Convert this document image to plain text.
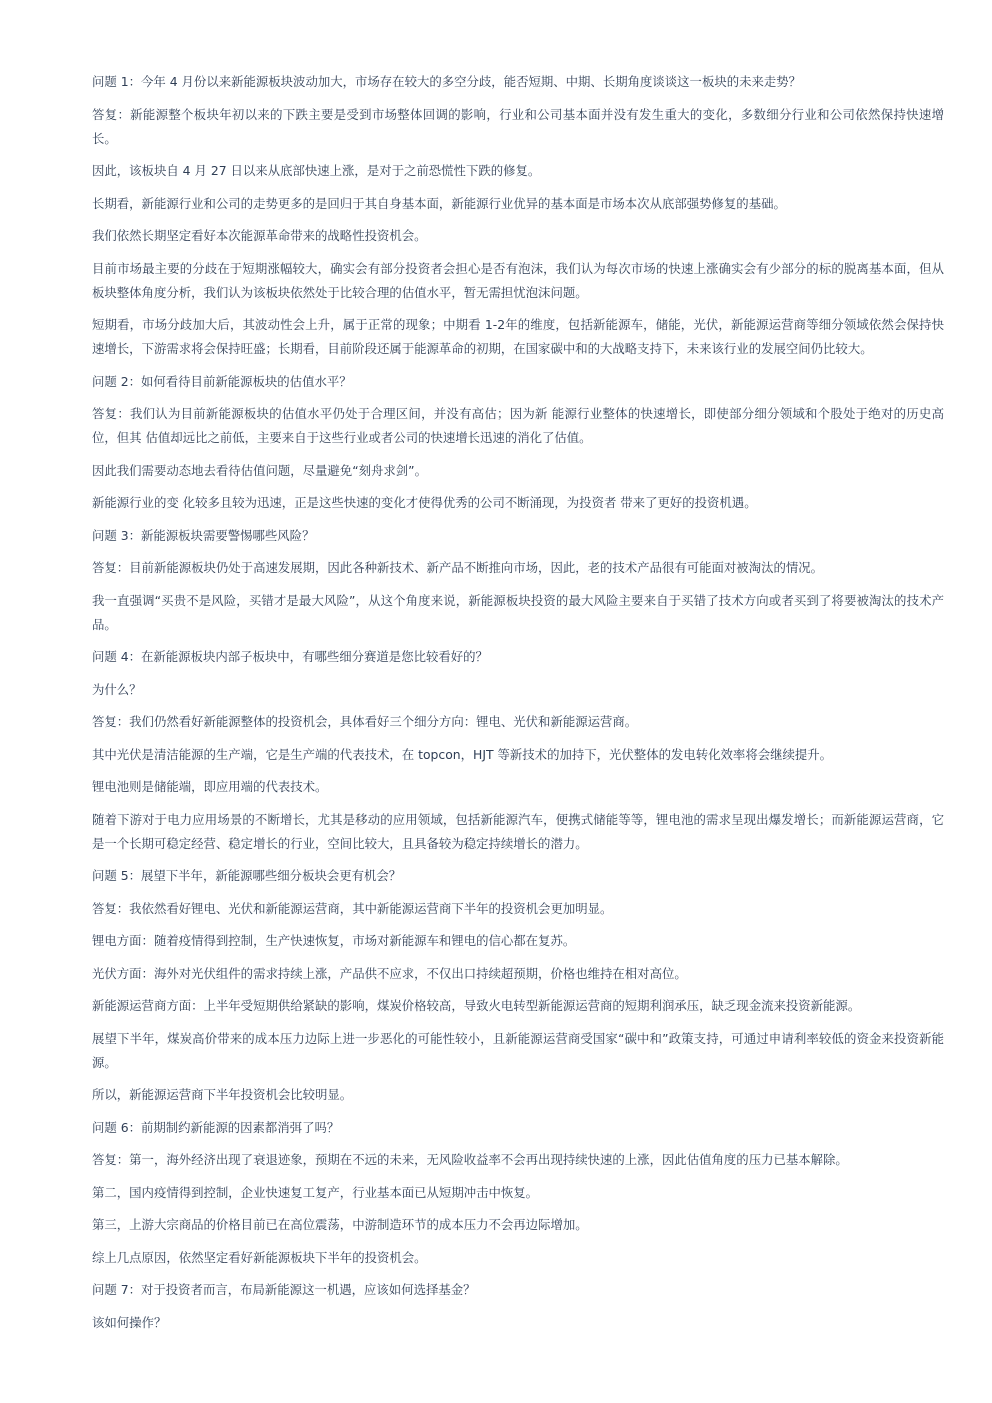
问题 1：今年 4 月份以来新能源板块波动加大，市场存在较大的多空分歧，能否短期、中期、长期角度谈谈这一板块的未来走势？

答复：新能源整个板块年初以来的下跌主要是受到市场整体回调的影响，行业和公司基本面并没有发生重大的变化，多数细分行业和公司依然保持快速增长。

因此，该板块自 4 月 27 日以来从底部快速上涨，是对于之前恐慌性下跌的修复。

长期看，新能源行业和公司的走势更多的是回归于其自身基本面，新能源行业优异的基本面是市场本次从底部强势修复的基础。

我们依然长期坚定看好本次能源革命带来的战略性投资机会。

目前市场最主要的分歧在于短期涨幅较大，确实会有部分投资者会担心是否有泡沫，我们认为每次市场的快速上涨确实会有少部分的标的脱离基本面，但从板块整体角度分析，我们认为该板块依然处于比较合理的估值水平，暂无需担忧泡沫问题。

短期看，市场分歧加大后，其波动性会上升，属于正常的现象；中期看 1-2年的维度，包括新能源车，储能，光伏，新能源运营商等细分领域依然会保持快速增长，下游需求将会保持旺盛；长期看，目前阶段还属于能源革命的初期，在国家碳中和的大战略支持下，未来该行业的发展空间仍比较大。

问题 2：如何看待目前新能源板块的估值水平？

答复：我们认为目前新能源板块的估值水平仍处于合理区间，并没有高估；因为新 能源行业整体的快速增长，即使部分细分领域和个股处于绝对的历史高位，但其 估值却远比之前低，主要来自于这些行业或者公司的快速增长迅速的消化了估值。

因此我们需要动态地去看待估值问题，尽量避免“刻舟求剑”。

新能源行业的变 化较多且较为迅速，正是这些快速的变化才使得优秀的公司不断涌现，为投资者 带来了更好的投资机遇。

问题 3：新能源板块需要警惕哪些风险？

答复：目前新能源板块仍处于高速发展期，因此各种新技术、新产品不断推向市场，因此，老的技术产品很有可能面对被淘汰的情况。

我一直强调“买贵不是风险，买错才是最大风险”，从这个角度来说，新能源板块投资的最大风险主要来自于买错了技术方向或者买到了将要被淘汰的技术产品。

问题 4：在新能源板块内部子板块中，有哪些细分赛道是您比较看好的？

为什么？

答复：我们仍然看好新能源整体的投资机会，具体看好三个细分方向：锂电、光伏和新能源运营商。

其中光伏是清洁能源的生产端，它是生产端的代表技术，在 topcon，HJT 等新技术的加持下，光伏整体的发电转化效率将会继续提升。

锂电池则是储能端，即应用端的代表技术。

随着下游对于电力应用场景的不断增长，尤其是移动的应用领域，包括新能源汽车，便携式储能等等，锂电池的需求呈现出爆发增长；而新能源运营商，它是一个长期可稳定经营、稳定增长的行业，空间比较大，且具备较为稳定持续增长的潜力。

问题 5：展望下半年，新能源哪些细分板块会更有机会？

答复：我依然看好锂电、光伏和新能源运营商，其中新能源运营商下半年的投资机会更加明显。

锂电方面：随着疫情得到控制，生产快速恢复，市场对新能源车和锂电的信心都在复苏。

光伏方面：海外对光伏组件的需求持续上涨，产品供不应求，不仅出口持续超预期，价格也维持在相对高位。

新能源运营商方面：上半年受短期供给紧缺的影响，煤炭价格较高，导致火电转型新能源运营商的短期利润承压，缺乏现金流来投资新能源。

展望下半年，煤炭高价带来的成本压力边际上进一步恶化的可能性较小，且新能源运营商受国家“碳中和”政策支持，可通过申请利率较低的资金来投资新能源。

所以，新能源运营商下半年投资机会比较明显。

问题 6：前期制约新能源的因素都消弭了吗？

答复：第一，海外经济出现了衰退迹象，预期在不远的未来，无风险收益率不会再出现持续快速的上涨，因此估值角度的压力已基本解除。

第二，国内疫情得到控制，企业快速复工复产，行业基本面已从短期冲击中恢复。

第三，上游大宗商品的价格目前已在高位震荡，中游制造环节的成本压力不会再边际增加。

综上几点原因，依然坚定看好新能源板块下半年的投资机会。

问题 7：对于投资者而言，布局新能源这一机遇，应该如何选择基金？

该如何操作？
